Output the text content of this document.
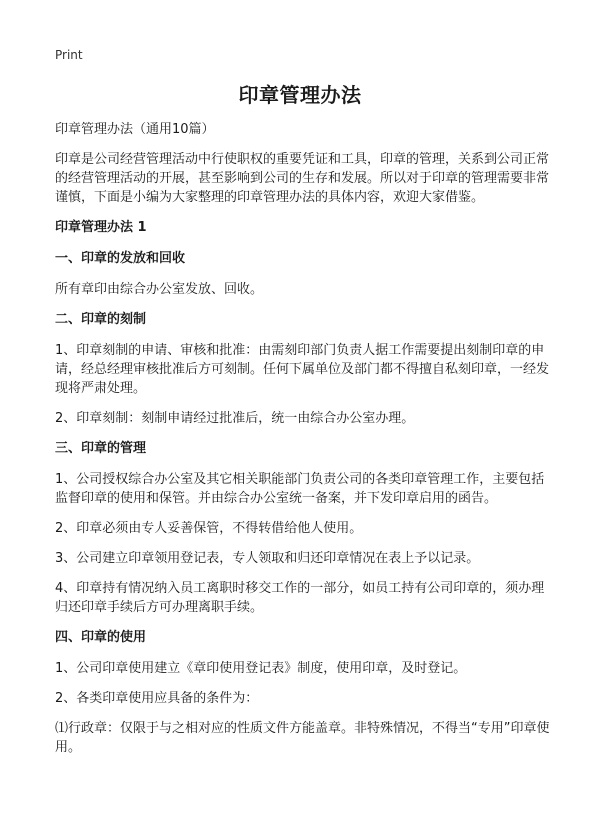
Print
印章管理办法

印章管理办法（通用10篇）

印章是公司经营管理活动中行使职权的重要凭证和工具，印章的管理，关系到公司正常的经营管理活动的开展，甚至影响到公司的生存和发展。所以对于印章的管理需要非常谨慎，下面是小编为大家整理的印章管理办法的具体内容，欢迎大家借鉴。

印章管理办法 1

一、印章的发放和回收

所有章印由综合办公室发放、回收。

二、印章的刻制

1、印章刻制的申请、审核和批准：由需刻印部门负责人据工作需要提出刻制印章的申请，经总经理审核批准后方可刻制。任何下属单位及部门都不得擅自私刻印章，一经发现将严肃处理。

2、印章刻制：刻制申请经过批准后，统一由综合办公室办理。

三、印章的管理

1、公司授权综合办公室及其它相关职能部门负责公司的各类印章管理工作，主要包括监督印章的使用和保管。并由综合办公室统一备案，并下发印章启用的函告。

2、印章必须由专人妥善保管，不得转借给他人使用。

3、公司建立印章领用登记表，专人领取和归还印章情况在表上予以记录。

4、印章持有情况纳入员工离职时移交工作的一部分，如员工持有公司印章的，须办理归还印章手续后方可办理离职手续。

四、印章的使用

1、公司印章使用建立《章印使用登记表》制度，使用印章，及时登记。

2、各类印章使用应具备的条件为：

⑴行政章：仅限于与之相对应的性质文件方能盖章。非特殊情况，不得当“专用”印章使用。
